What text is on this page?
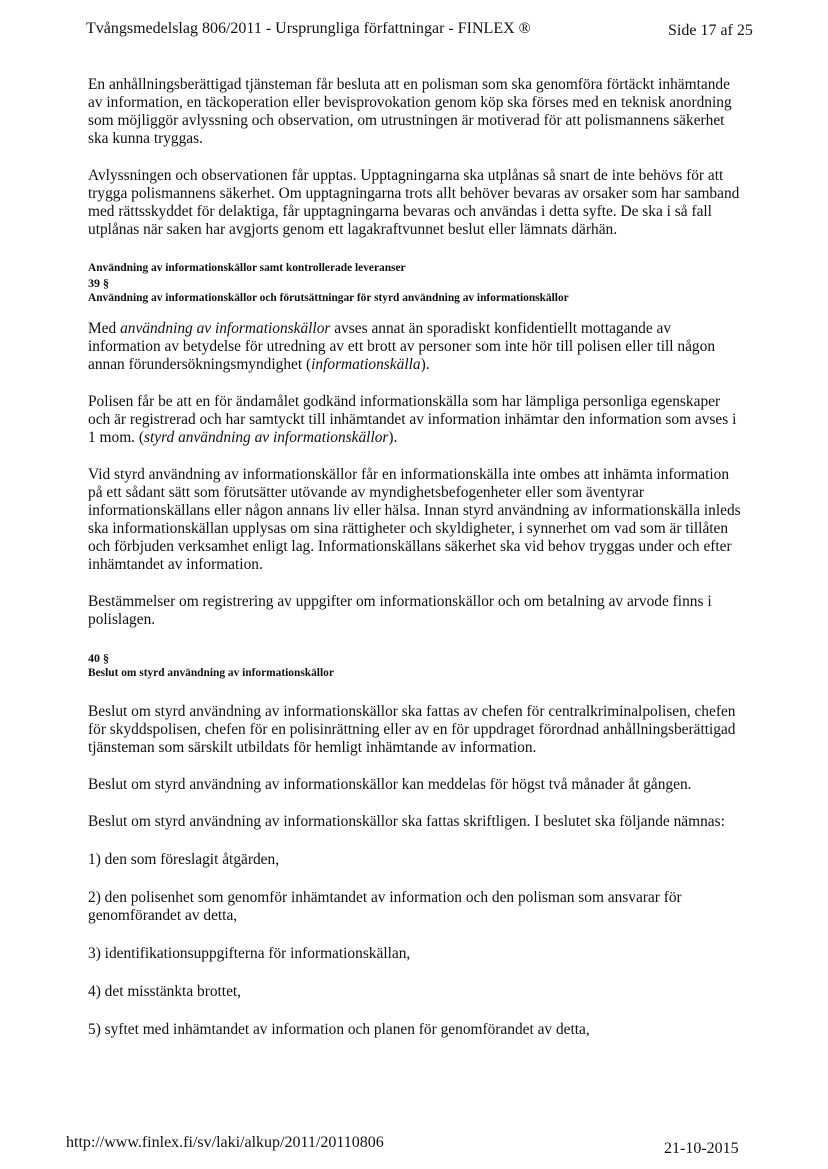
Tvångsmedelslag 806/2011 - Ursprungliga författningar - FINLEX ®	Side 17 af 25

En anhållningsberättigad tjänsteman får besluta att en polisman som ska genomföra förtäckt inhämtande av information, en täckoperation eller bevisprovokation genom köp ska förses med en teknisk anordning som möjliggör avlyssning och observation, om utrustningen är motiverad för att polismannens säkerhet ska kunna tryggas.

Avlyssningen och observationen får upptas. Upptagningarna ska utplånas så snart de inte behövs för att trygga polismannens säkerhet. Om upptagningarna trots allt behöver bevaras av orsaker som har samband med rättsskyddet för delaktiga, får upptagningarna bevaras och användas i detta syfte. De ska i så fall utplånas när saken har avgjorts genom ett lagakraftvunnet beslut eller lämnats därhän.

Användning av informationskällor samt kontrollerade leveranser
39 §
Användning av informationskällor och förutsättningar för styrd användning av informationskällor

Med användning av informationskällor avses annat än sporadiskt konfidentiellt mottagande av information av betydelse för utredning av ett brott av personer som inte hör till polisen eller till någon annan förundersökningsmyndighet (informationskälla).

Polisen får be att en för ändamålet godkänd informationskälla som har lämpliga personliga egenskaper och är registrerad och har samtyckt till inhämtandet av information inhämtar den information som avses i 1 mom. (styrd användning av informationskällor).

Vid styrd användning av informationskällor får en informationskälla inte ombes att inhämta information på ett sådant sätt som förutsätter utövande av myndighetsbefogenheter eller som äventyrar informationskällans eller någon annans liv eller hälsa. Innan styrd användning av informationskälla inleds ska informationskällan upplysas om sina rättigheter och skyldigheter, i synnerhet om vad som är tillåten och förbjuden verksamhet enligt lag. Informationskällans säkerhet ska vid behov tryggas under och efter inhämtandet av information.

Bestämmelser om registrering av uppgifter om informationskällor och om betalning av arvode finns i polislagen.

40 §
Beslut om styrd användning av informationskällor

Beslut om styrd användning av informationskällor ska fattas av chefen för centralkriminalpolisen, chefen för skyddspolisen, chefen för en polisinrättning eller av en för uppdraget förordnad anhållningsberättigad tjänsteman som särskilt utbildats för hemligt inhämtande av information.

Beslut om styrd användning av informationskällor kan meddelas för högst två månader åt gången.

Beslut om styrd användning av informationskällor ska fattas skriftligen. I beslutet ska följande nämnas:

1) den som föreslagit åtgärden,

2) den polisenhet som genomför inhämtandet av information och den polisman som ansvarar för genomförandet av detta,

3) identifikationsuppgifterna för informationskällan,

4) det misstänkta brottet,

5) syftet med inhämtandet av information och planen för genomförandet av detta,

http://www.finlex.fi/sv/laki/alkup/2011/20110806	21-10-2015
